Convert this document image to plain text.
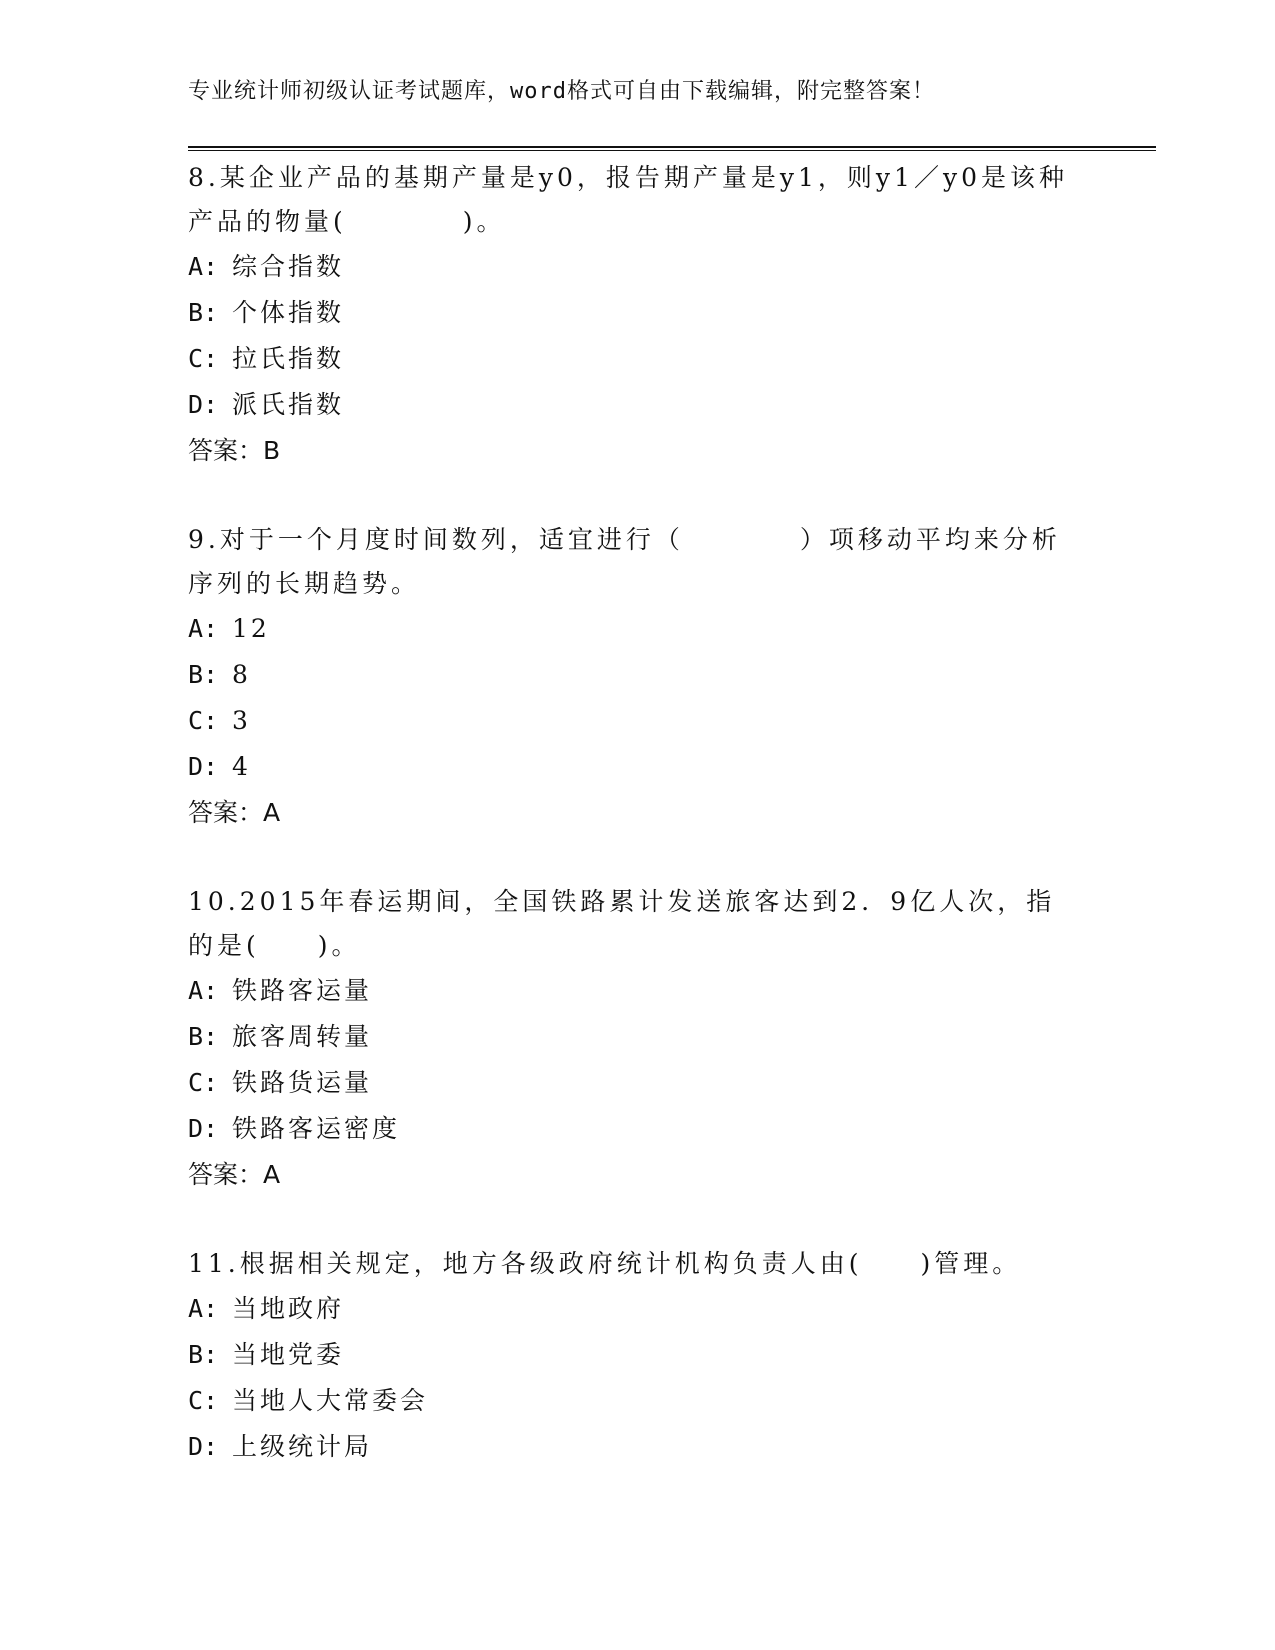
专业统计师初级认证考试题库，word格式可自由下载编辑，附完整答案！

8.某企业产品的基期产量是y0，报告期产量是y1，则y1／y0是该种产品的物量(　　　　)。

A: 综合指数

B: 个体指数

C: 拉氏指数

D: 派氏指数

答案：B

9.对于一个月度时间数列，适宜进行（　　　　）项移动平均来分析序列的长期趋势。

A: 12

B: 8

C: 3

D: 4

答案：A

10.2015年春运期间，全国铁路累计发送旅客达到2．9亿人次，指的是(　　)。

A: 铁路客运量

B: 旅客周转量

C: 铁路货运量

D: 铁路客运密度

答案：A

11.根据相关规定，地方各级政府统计机构负责人由(　　)管理。

A: 当地政府

B: 当地党委

C: 当地人大常委会

D: 上级统计局
